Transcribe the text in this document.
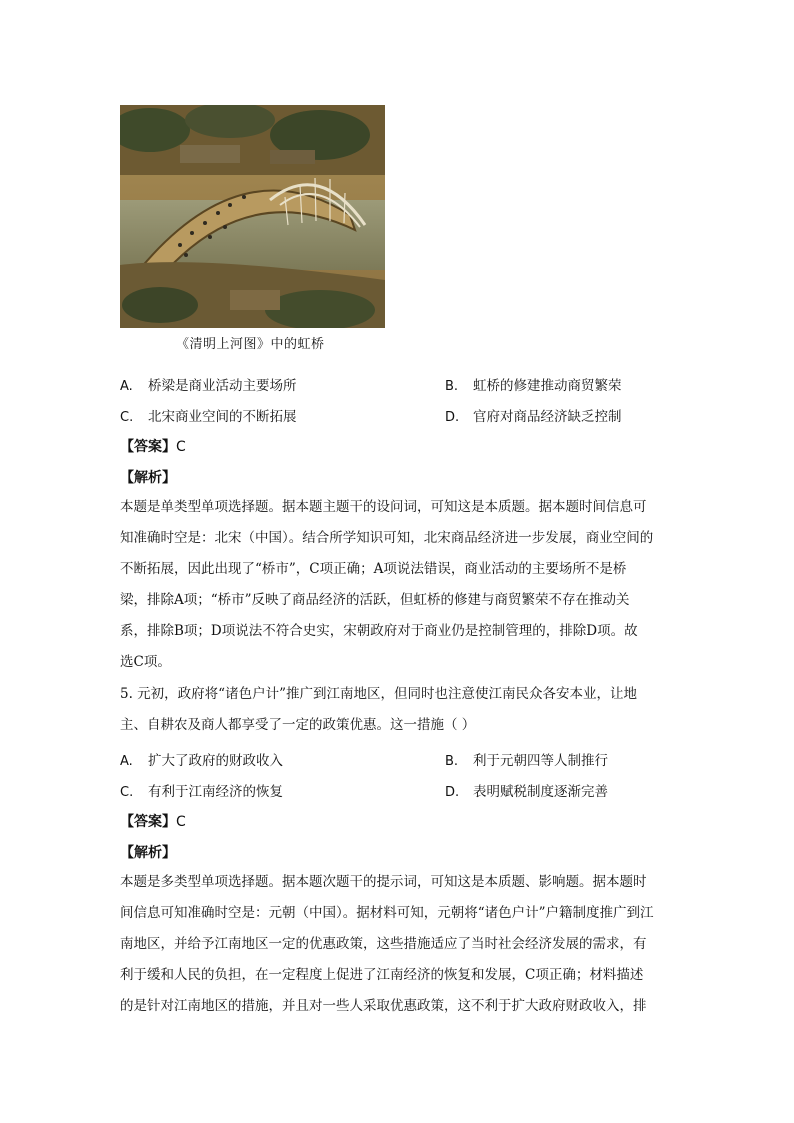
《清明上河图》中的虹桥
A. 桥梁是商业活动主要场所	B. 虹桥的修建推动商贸繁荣
C. 北宋商业空间的不断拓展	D. 官府对商品经济缺乏控制
【答案】C
【解析】
本题是单类型单项选择题。据本题主题干的设问词，可知这是本质题。据本题时间信息可
知准确时空是：北宋（中国）。结合所学知识可知，北宋商品经济进一步发展，商业空间的
不断拓展，因此出现了“桥市”，C项正确；A项说法错误，商业活动的主要场所不是桥
梁，排除A项；“桥市”反映了商品经济的活跃，但虹桥的修建与商贸繁荣不存在推动关
系，排除B项；D项说法不符合史实，宋朝政府对于商业仍是控制管理的，排除D项。故
选C项。
5. 元初，政府将“诸色户计”推广到江南地区，但同时也注意使江南民众各安本业，让地
主、自耕农及商人都享受了一定的政策优惠。这一措施（ ）
A. 扩大了政府的财政收入	B. 利于元朝四等人制推行
C. 有利于江南经济的恢复	D. 表明赋税制度逐渐完善
【答案】C
【解析】
本题是多类型单项选择题。据本题次题干的提示词，可知这是本质题、影响题。据本题时
间信息可知准确时空是：元朝（中国）。据材料可知，元朝将“诸色户计”户籍制度推广到江
南地区，并给予江南地区一定的优惠政策，这些措施适应了当时社会经济发展的需求，有
利于缓和人民的负担，在一定程度上促进了江南经济的恢复和发展，C项正确；材料描述
的是针对江南地区的措施，并且对一些人采取优惠政策，这不利于扩大政府财政收入，排
